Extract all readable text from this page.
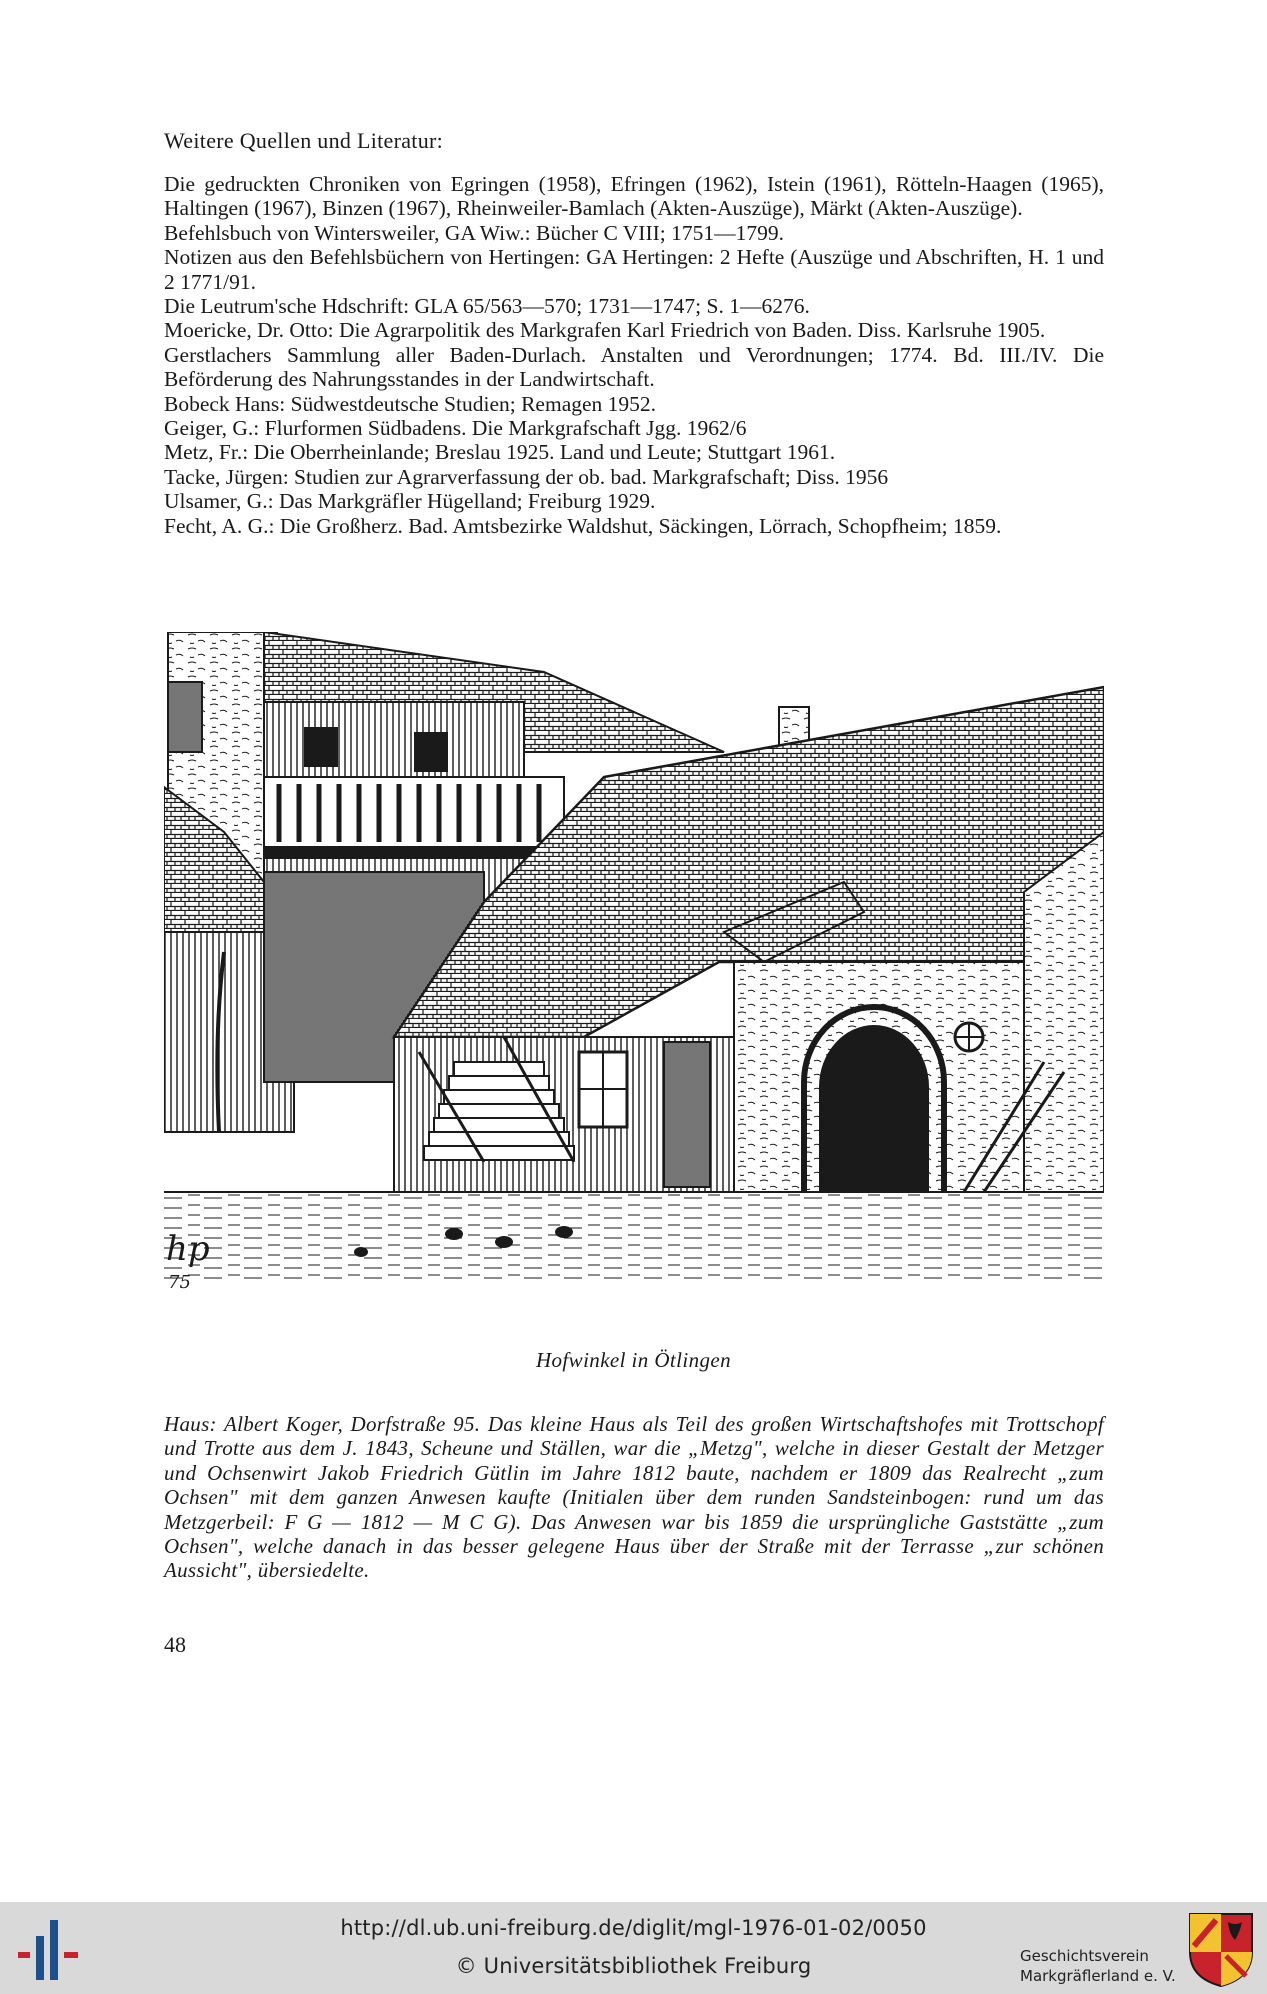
Weitere Quellen und Literatur:
Die gedruckten Chroniken von Egringen (1958), Efringen (1962), Istein (1961), Rötteln-Haagen (1965), Haltingen (1967), Binzen (1967), Rheinweiler-Bamlach (Akten-Auszüge), Märkt (Akten-Auszüge).
Befehlsbuch von Wintersweiler, GA Wiw.: Bücher C VIII; 1751—1799.
Notizen aus den Befehlsbüchern von Hertingen: GA Hertingen: 2 Hefte (Auszüge und Abschriften, H. 1 und 2 1771/91.
Die Leutrum'sche Hdschrift: GLA 65/563—570; 1731—1747; S. 1—6276.
Moericke, Dr. Otto: Die Agrarpolitik des Markgrafen Karl Friedrich von Baden. Diss. Karlsruhe 1905.
Gerstlachers Sammlung aller Baden-Durlach. Anstalten und Verordnungen; 1774. Bd. III./IV. Die Beförderung des Nahrungsstandes in der Landwirtschaft.
Bobeck Hans: Südwestdeutsche Studien; Remagen 1952.
Geiger, G.: Flurformen Südbadens. Die Markgrafschaft Jgg. 1962/6
Metz, Fr.: Die Oberrheinlande; Breslau 1925. Land und Leute; Stuttgart 1961.
Tacke, Jürgen: Studien zur Agrarverfassung der ob. bad. Markgrafschaft; Diss. 1956
Ulsamer, G.: Das Markgräfler Hügelland; Freiburg 1929.
Fecht, A. G.: Die Großherz. Bad. Amtsbezirke Waldshut, Säckingen, Lörrach, Schopfheim; 1859.
hp
75
Hofwinkel in Ötlingen
Haus: Albert Koger, Dorfstraße 95. Das kleine Haus als Teil des großen Wirtschaftshofes mit Trottschopf und Trotte aus dem J. 1843, Scheune und Ställen, war die „Metzg", welche in dieser Gestalt der Metzger und Ochsenwirt Jakob Friedrich Gütlin im Jahre 1812 baute, nachdem er 1809 das Realrecht „zum Ochsen" mit dem ganzen Anwesen kaufte (Initialen über dem runden Sandsteinbogen: rund um das Metzgerbeil: F G — 1812 — M C G). Das Anwesen war bis 1859 die ursprüngliche Gaststätte „zum Ochsen", welche danach in das besser gelegene Haus über der Straße mit der Terrasse „zur schönen Aussicht", übersiedelte.
48
http://dl.ub.uni-freiburg.de/diglit/mgl-1976-01-02/0050
© Universitätsbibliothek Freiburg	Geschichtsverein
Markgräflerland e. V.
